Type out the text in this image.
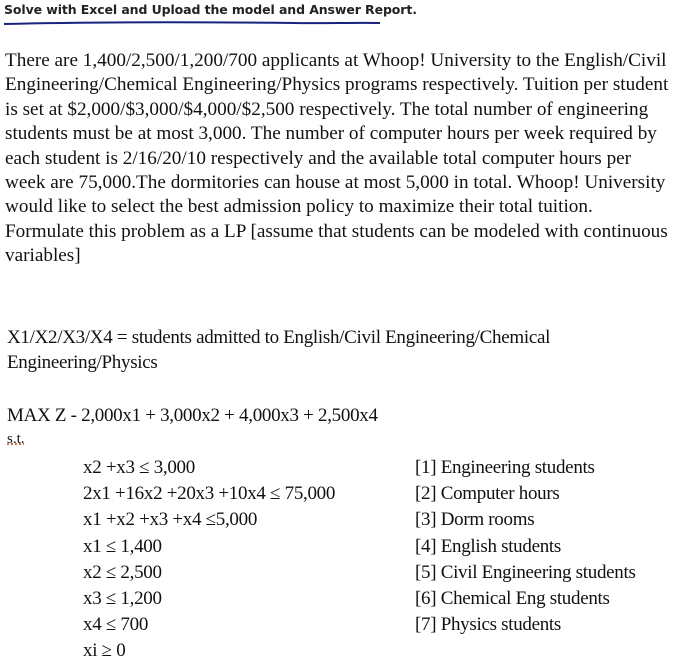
Solve with Excel and Upload the model and Answer Report.

There are 1,400/2,500/1,200/700 applicants at Whoop! University to the English/Civil Engineering/Chemical Engineering/Physics programs respectively. Tuition per student is set at $2,000/$3,000/$4,000/$2,500 respectively. The total number of engineering students must be at most 3,000. The number of computer hours per week required by each student is 2/16/20/10 respectively and the available total computer hours per week are 75,000.The dormitories can house at most 5,000 in total. Whoop! University would like to select the best admission policy to maximize their total tuition.

Formulate this problem as a LP [assume that students can be modeled with continuous variables]

X1/X2/X3/X4 = students admitted to English/Civil Engineering/Chemical Engineering/Physics
MAX Z - 2,000x1 + 3,000x2 + 4,000x3 + 2,500x4
s.t.
x2 +x3 ≤ 3,000
2x1 +16x2 +20x3 +10x4 ≤ 75,000
x1 +x2 +x3 +x4 ≤5,000
x1 ≤ 1,400
x2 ≤ 2,500
x3 ≤ 1,200
x4 ≤ 700
xi ≥ 0
[1] Engineering students
[2] Computer hours
[3] Dorm rooms
[4] English students
[5] Civil Engineering students
[6] Chemical Eng students
[7] Physics students
